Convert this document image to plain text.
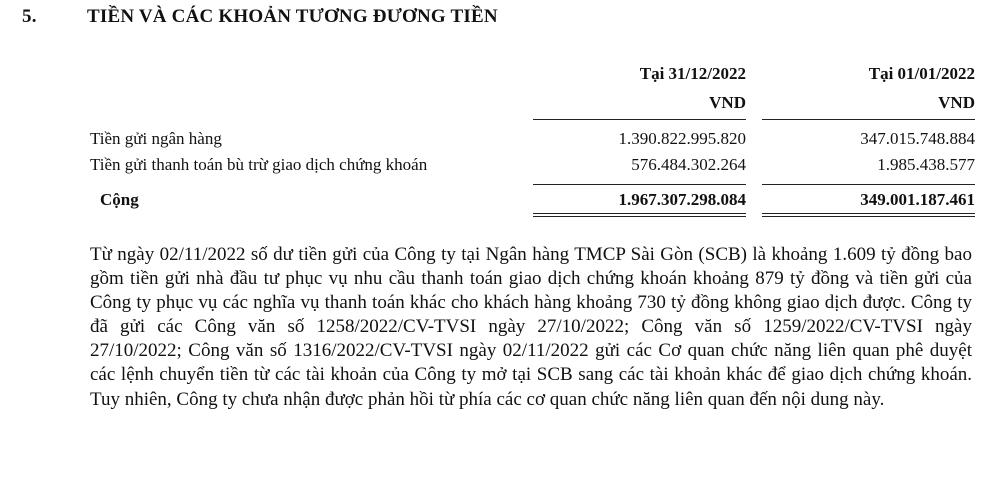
5.	TIỀN VÀ CÁC KHOẢN TƯƠNG ĐƯƠNG TIỀN
Tại 31/12/2022	Tại 01/01/2022
VND	VND
Tiền gửi ngân hàng	1.390.822.995.820	347.015.748.884
Tiền gửi thanh toán bù trừ giao dịch chứng khoán	576.484.302.264	1.985.438.577
Cộng	1.967.307.298.084	349.001.187.461
Từ ngày 02/11/2022 số dư tiền gửi của Công ty tại Ngân hàng TMCP Sài Gòn (SCB) là khoảng 1.609 tỷ đồng bao gồm tiền gửi nhà đầu tư phục vụ nhu cầu thanh toán giao dịch chứng khoán khoảng 879 tỷ đồng và tiền gửi của Công ty phục vụ các nghĩa vụ thanh toán khác cho khách hàng khoảng 730 tỷ đồng không giao dịch được. Công ty đã gửi các Công văn số 1258/2022/CV-TVSI ngày 27/10/2022; Công văn số 1259/2022/CV-TVSI ngày 27/10/2022; Công văn số 1316/2022/CV-TVSI ngày 02/11/2022 gửi các Cơ quan chức năng liên quan phê duyệt các lệnh chuyển tiền từ các tài khoản của Công ty mở tại SCB sang các tài khoản khác để giao dịch chứng khoán. Tuy nhiên, Công ty chưa nhận được phản hồi từ phía các cơ quan chức năng liên quan đến nội dung này.
